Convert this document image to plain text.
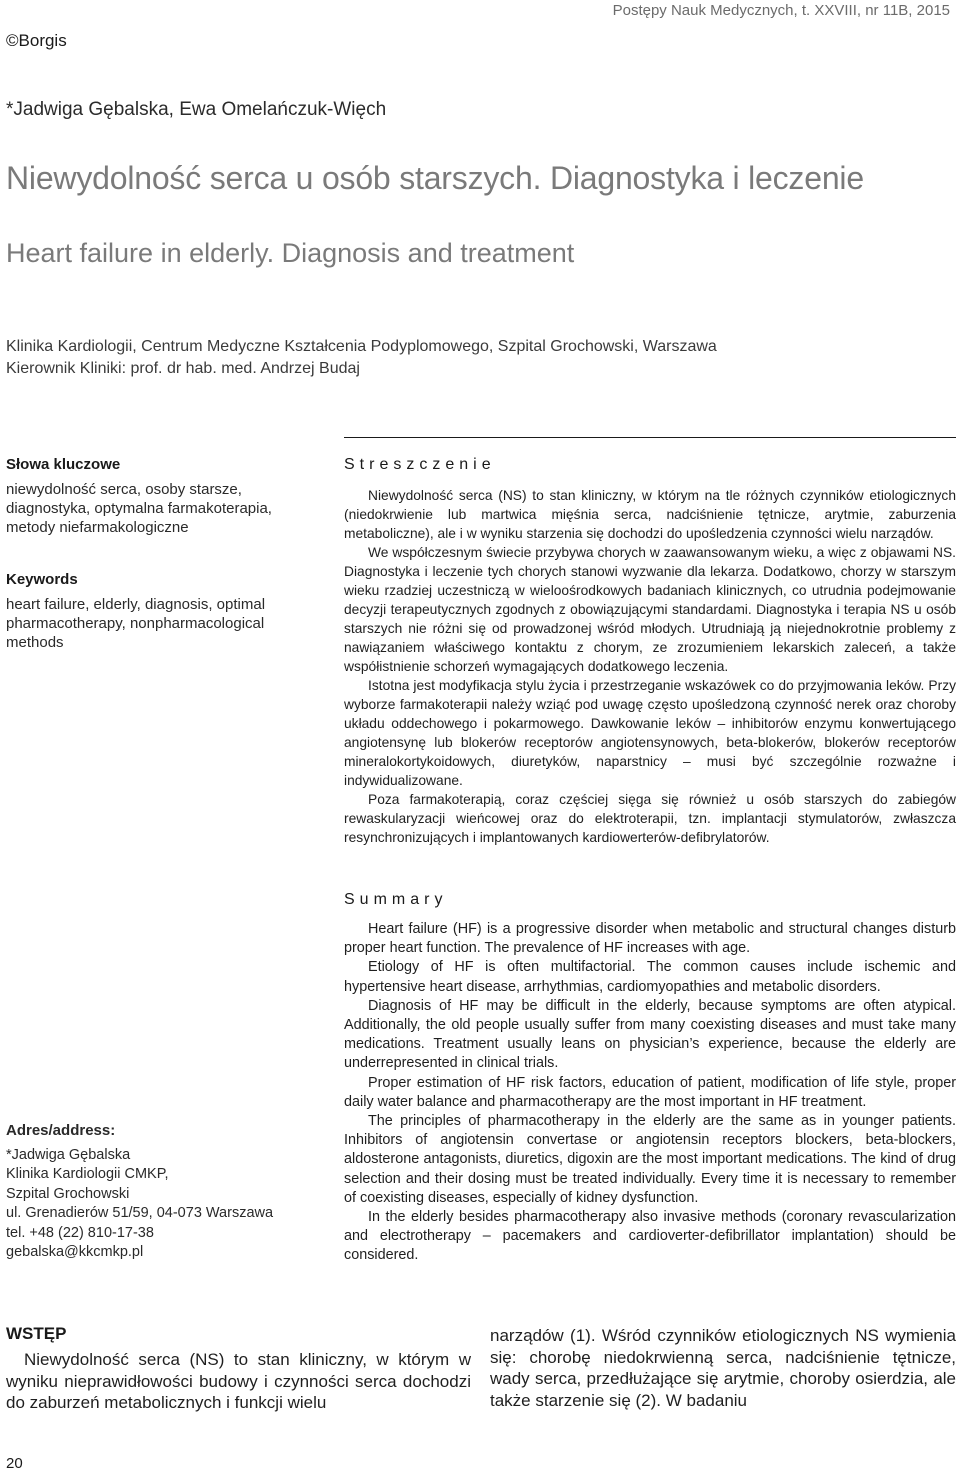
Postępy Nauk Medycznych, t. XXVIII, nr 11B, 2015
©Borgis
*Jadwiga Gębalska, Ewa Omelańczuk-Więch
Niewydolność serca u osób starszych. Diagnostyka i leczenie
Heart failure in elderly. Diagnosis and treatment
Klinika Kardiologii, Centrum Medyczne Kształcenia Podyplomowego, Szpital Grochowski, Warszawa
Kierownik Kliniki: prof. dr hab. med. Andrzej Budaj
Słowa kluczowe
niewydolność serca, osoby starsze, diagnostyka, optymalna farmakoterapia, metody niefarmakologiczne
Keywords
heart failure, elderly, diagnosis, optimal pharmacotherapy, nonpharmacological methods
Streszczenie

Niewydolność serca (NS) to stan kliniczny, w którym na tle różnych czynników etiologicznych (niedokrwienie lub martwica mięśnia serca, nadciśnienie tętnicze, arytmie, zaburzenia metaboliczne), ale i w wyniku starzenia się dochodzi do upośledzenia czynności wielu narządów.

We współczesnym świecie przybywa chorych w zaawansowanym wieku, a więc z objawami NS. Diagnostyka i leczenie tych chorych stanowi wyzwanie dla lekarza. Dodatkowo, chorzy w starszym wieku rzadziej uczestniczą w wieloośrodkowych badaniach klinicznych, co utrudnia podejmowanie decyzji terapeutycznych zgodnych z obowiązującymi standardami. Diagnostyka i terapia NS u osób starszych nie różni się od prowadzonej wśród młodych. Utrudniają ją niejednokrotnie problemy z nawiązaniem właściwego kontaktu z chorym, ze zrozumieniem lekarskich zaleceń, a także współistnienie schorzeń wymagających dodatkowego leczenia.

Istotna jest modyfikacja stylu życia i przestrzeganie wskazówek co do przyjmowania leków. Przy wyborze farmakoterapii należy wziąć pod uwagę często upośledzoną czynność nerek oraz choroby układu oddechowego i pokarmowego. Dawkowanie leków – inhibitorów enzymu konwertującego angiotensynę lub blokerów receptorów angiotensynowych, beta-blokerów, blokerów receptorów mineralokortykoidowych, diuretyków, naparstnicy – musi być szczególnie rozważne i indywidualizowane.

Poza farmakoterapią, coraz częściej sięga się również u osób starszych do zabiegów rewaskularyzacji wieńcowej oraz do elektroterapii, tzn. implantacji stymulatorów, zwłaszcza resynchronizujących i implantowanych kardiowerterów-defibrylatorów.

Summary

Heart failure (HF) is a progressive disorder when metabolic and structural changes disturb proper heart function. The prevalence of HF increases with age.

Etiology of HF is often multifactorial. The common causes include ischemic and hypertensive heart disease, arrhythmias, cardiomyopathies and metabolic disorders.

Diagnosis of HF may be difficult in the elderly, because symptoms are often atypical. Additionally, the old people usually suffer from many coexisting diseases and must take many medications. Treatment usually leans on physician’s experience, because the elderly are underrepresented in clinical trials.

Proper estimation of HF risk factors, education of patient, modification of life style, proper daily water balance and pharmacotherapy are the most important in HF treatment.

The principles of pharmacotherapy in the elderly are the same as in younger patients. Inhibitors of angiotensin convertase or angiotensin receptors blockers, beta-blockers, aldosterone antagonists, diuretics, digoxin are the most important medications. The kind of drug selection and their dosing must be treated individually. Every time it is necessary to remember of coexisting diseases, especially of kidney dysfunction.

In the elderly besides pharmacotherapy also invasive methods (coronary revascularization and electrotherapy – pacemakers and cardioverter-defibrillator implantation) should be considered.

Adres/address:
*Jadwiga Gębalska
Klinika Kardiologii CMKP,
Szpital Grochowski
ul. Grenadierów 51/59, 04-073 Warszawa
tel. +48 (22) 810-17-38
gebalska@kkcmkp.pl
WSTĘP
Niewydolność serca (NS) to stan kliniczny, w którym w wyniku nieprawidłowości budowy i czynności serca dochodzi do zaburzeń metabolicznych i funkcji wielu
narządów (1). Wśród czynników etiologicznych NS wymienia się: chorobę niedokrwienną serca, nadciśnienie tętnicze, wady serca, przedłużające się arytmie, choroby osierdzia, ale także starzenie się (2). W badaniu
20
